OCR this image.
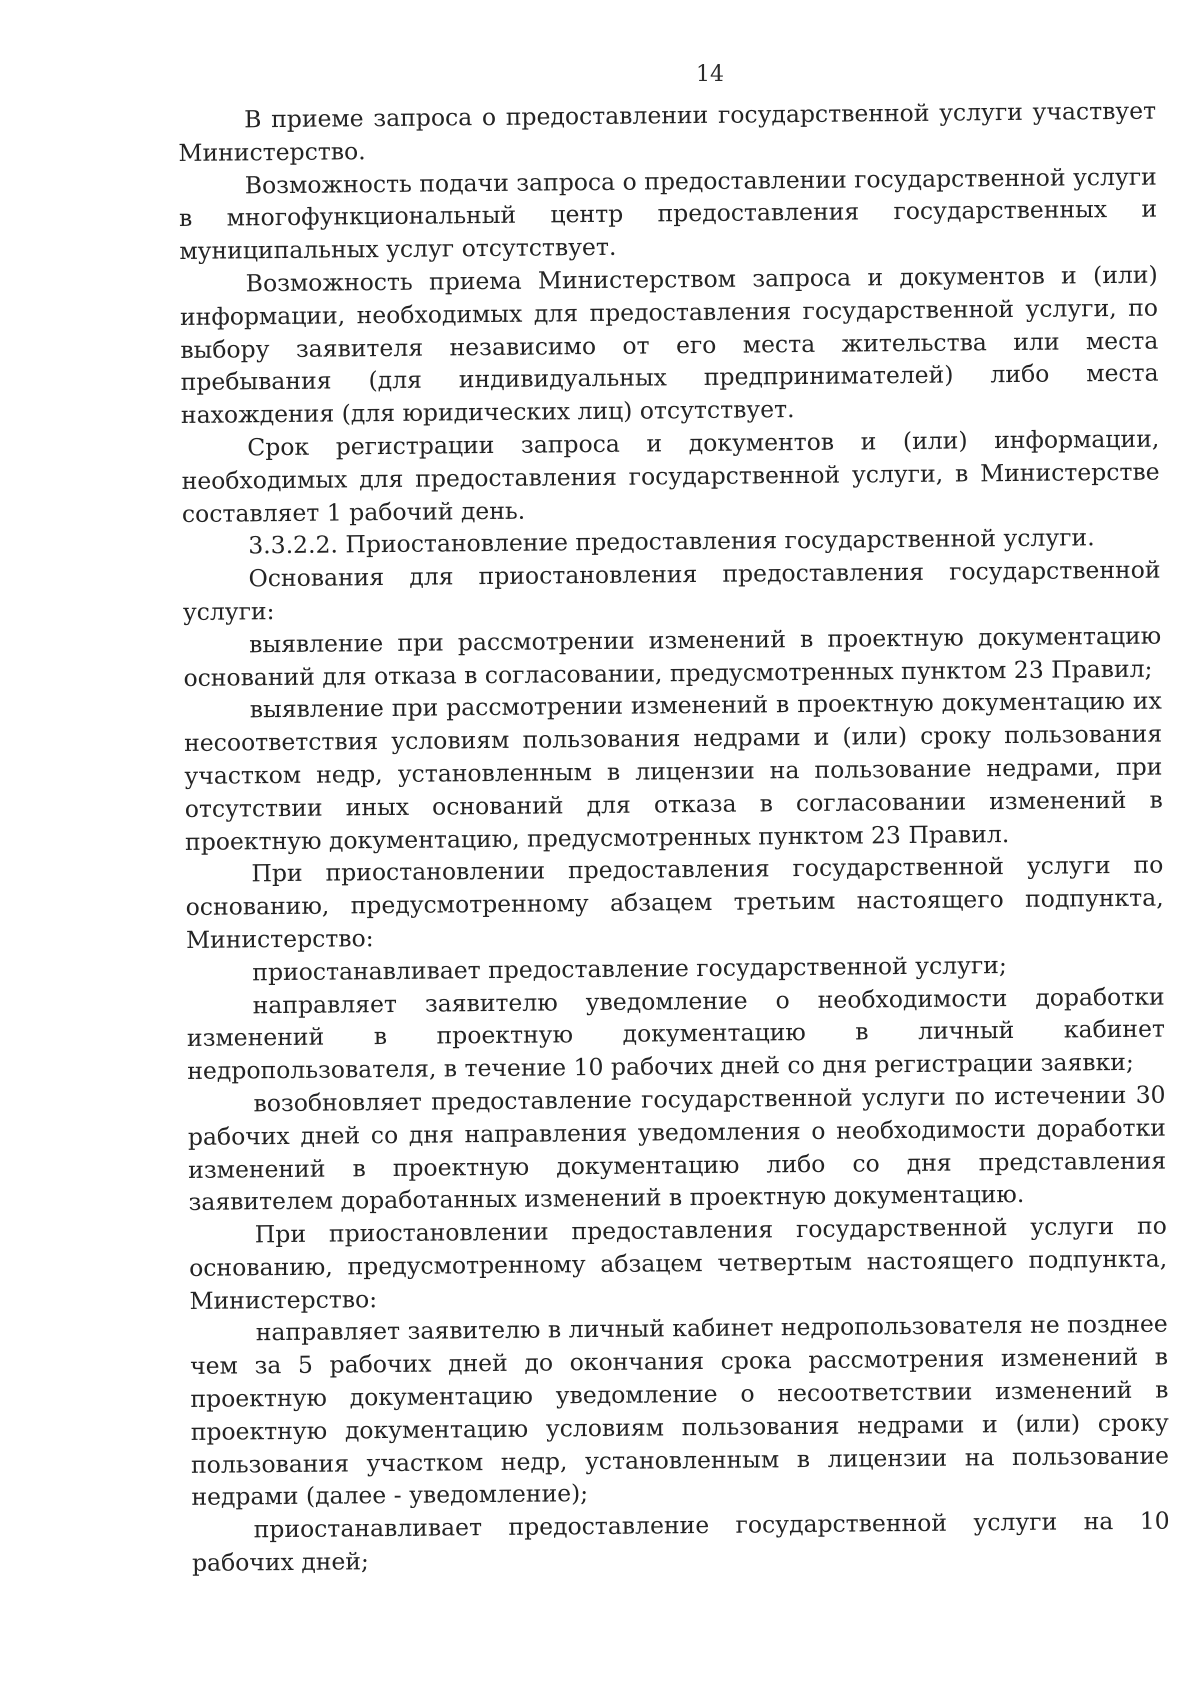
14

В приеме запроса о предоставлении государственной услуги участвует Министерство.

Возможность подачи запроса о предоставлении государственной услуги в многофункциональный центр предоставления государственных и муниципальных услуг отсутствует.

Возможность приема Министерством запроса и документов и (или) информации, необходимых для предоставления государственной услуги, по выбору заявителя независимо от его места жительства или места пребывания (для индивидуальных предпринимателей) либо места нахождения (для юридических лиц) отсутствует.

Срок регистрации запроса и документов и (или) информации, необходимых для предоставления государственной услуги, в Министерстве составляет 1 рабочий день.

3.3.2.2. Приостановление предоставления государственной услуги.

Основания для приостановления предоставления государственной услуги:

выявление при рассмотрении изменений в проектную документацию оснований для отказа в согласовании, предусмотренных пунктом 23 Правил;

выявление при рассмотрении изменений в проектную документацию их несоответствия условиям пользования недрами и (или) сроку пользования участком недр, установленным в лицензии на пользование недрами, при отсутствии иных оснований для отказа в согласовании изменений в проектную документацию, предусмотренных пунктом 23 Правил.

При приостановлении предоставления государственной услуги по основанию, предусмотренному абзацем третьим настоящего подпункта, Министерство:

приостанавливает предоставление государственной услуги;

направляет заявителю уведомление о необходимости доработки изменений в проектную документацию в личный кабинет недропользователя, в течение 10 рабочих дней со дня регистрации заявки;

возобновляет предоставление государственной услуги по истечении 30 рабочих дней со дня направления уведомления о необходимости доработки изменений в проектную документацию либо со дня представления заявителем доработанных изменений в проектную документацию.

При приостановлении предоставления государственной услуги по основанию, предусмотренному абзацем четвертым настоящего подпункта, Министерство:

направляет заявителю в личный кабинет недропользователя не позднее чем за 5 рабочих дней до окончания срока рассмотрения изменений в проектную документацию уведомление о несоответствии изменений в проектную документацию условиям пользования недрами и (или) сроку пользования участком недр, установленным в лицензии на пользование недрами (далее - уведомление);

приостанавливает предоставление государственной услуги на 10 рабочих дней;
